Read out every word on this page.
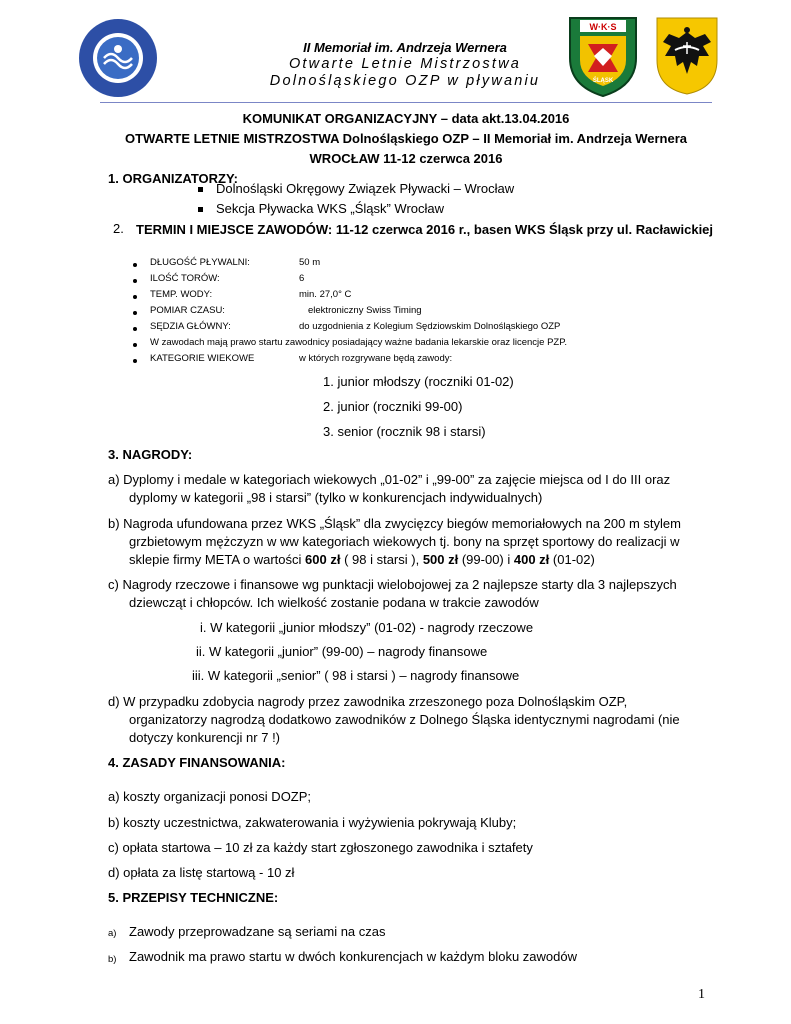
II Memoriał im. Andrzeja Wernera
Otwarte Letnie Mistrzostwa
Dolnośląskiego OZP w pływaniu
W·K·S
ŚLĄSK
KOMUNIKAT ORGANIZACYJNY – data akt.13.04.2016
OTWARTE LETNIE MISTRZOSTWA Dolnośląskiego OZP – II Memoriał im. Andrzeja Wernera
WROCŁAW 11-12 czerwca 2016
1. ORGANIZATORZY:
Dolnośląski Okręgowy Związek Pływacki – Wrocław
Sekcja Pływacka WKS „Śląsk” Wrocław
2. TERMIN I MIEJSCE ZAWODÓW: 11-12 czerwca 2016 r., basen WKS Śląsk przy ul. Racławickiej
DŁUGOŚĆ PŁYWALNI:	50 m
ILOŚĆ TORÓW:	6
TEMP. WODY:	min. 27,0° C
POMIAR CZASU:	elektroniczny Swiss Timing
SĘDZIA GŁÓWNY:	do uzgodnienia z Kolegium Sędziowskim Dolnośląskiego OZP
W zawodach mają prawo startu zawodnicy posiadający ważne badania lekarskie oraz licencje PZP.
KATEGORIE WIEKOWE	w których rozgrywane będą zawody:
1. junior młodszy (roczniki 01-02)
2. junior (roczniki 99-00)
3. senior (rocznik 98 i starsi)
3. NAGRODY:
a) Dyplomy i medale w kategoriach wiekowych „01-02” i „99-00” za zajęcie miejsca od I do III oraz
dyplomy w kategorii „98 i starsi” (tylko w konkurencjach indywidualnych)
b) Nagroda ufundowana przez WKS „Śląsk” dla zwycięzcy biegów memoriałowych na 200 m stylem
grzbietowym mężczyzn w ww kategoriach wiekowych tj. bony na sprzęt sportowy do realizacji w
sklepie firmy META o wartości 600 zł ( 98 i starsi ), 500 zł (99-00) i 400 zł (01-02)
c) Nagrody rzeczowe i finansowe wg punktacji wielobojowej za 2 najlepsze starty dla 3 najlepszych
dziewcząt i chłopców. Ich wielkość zostanie podana w trakcie zawodów
i. W kategorii „junior młodszy” (01-02) - nagrody rzeczowe
ii. W kategorii „junior” (99-00) – nagrody finansowe
iii. W kategorii „senior” ( 98 i starsi ) – nagrody finansowe
d) W przypadku zdobycia nagrody przez zawodnika zrzeszonego poza Dolnośląskim OZP,
organizatorzy nagrodzą dodatkowo zawodników z Dolnego Śląska identycznymi nagrodami (nie
dotyczy konkurencji nr 7 !)
4. ZASADY FINANSOWANIA:
a) koszty organizacji ponosi DOZP;
b) koszty uczestnictwa, zakwaterowania i wyżywienia pokrywają Kluby;
c) opłata startowa – 10 zł za każdy start zgłoszonego zawodnika i sztafety
d) opłata za listę startową - 10 zł
5. PRZEPISY TECHNICZNE:
a) Zawody przeprowadzane są seriami na czas
b) Zawodnik ma prawo startu w dwóch konkurencjach w każdym bloku zawodów
1
